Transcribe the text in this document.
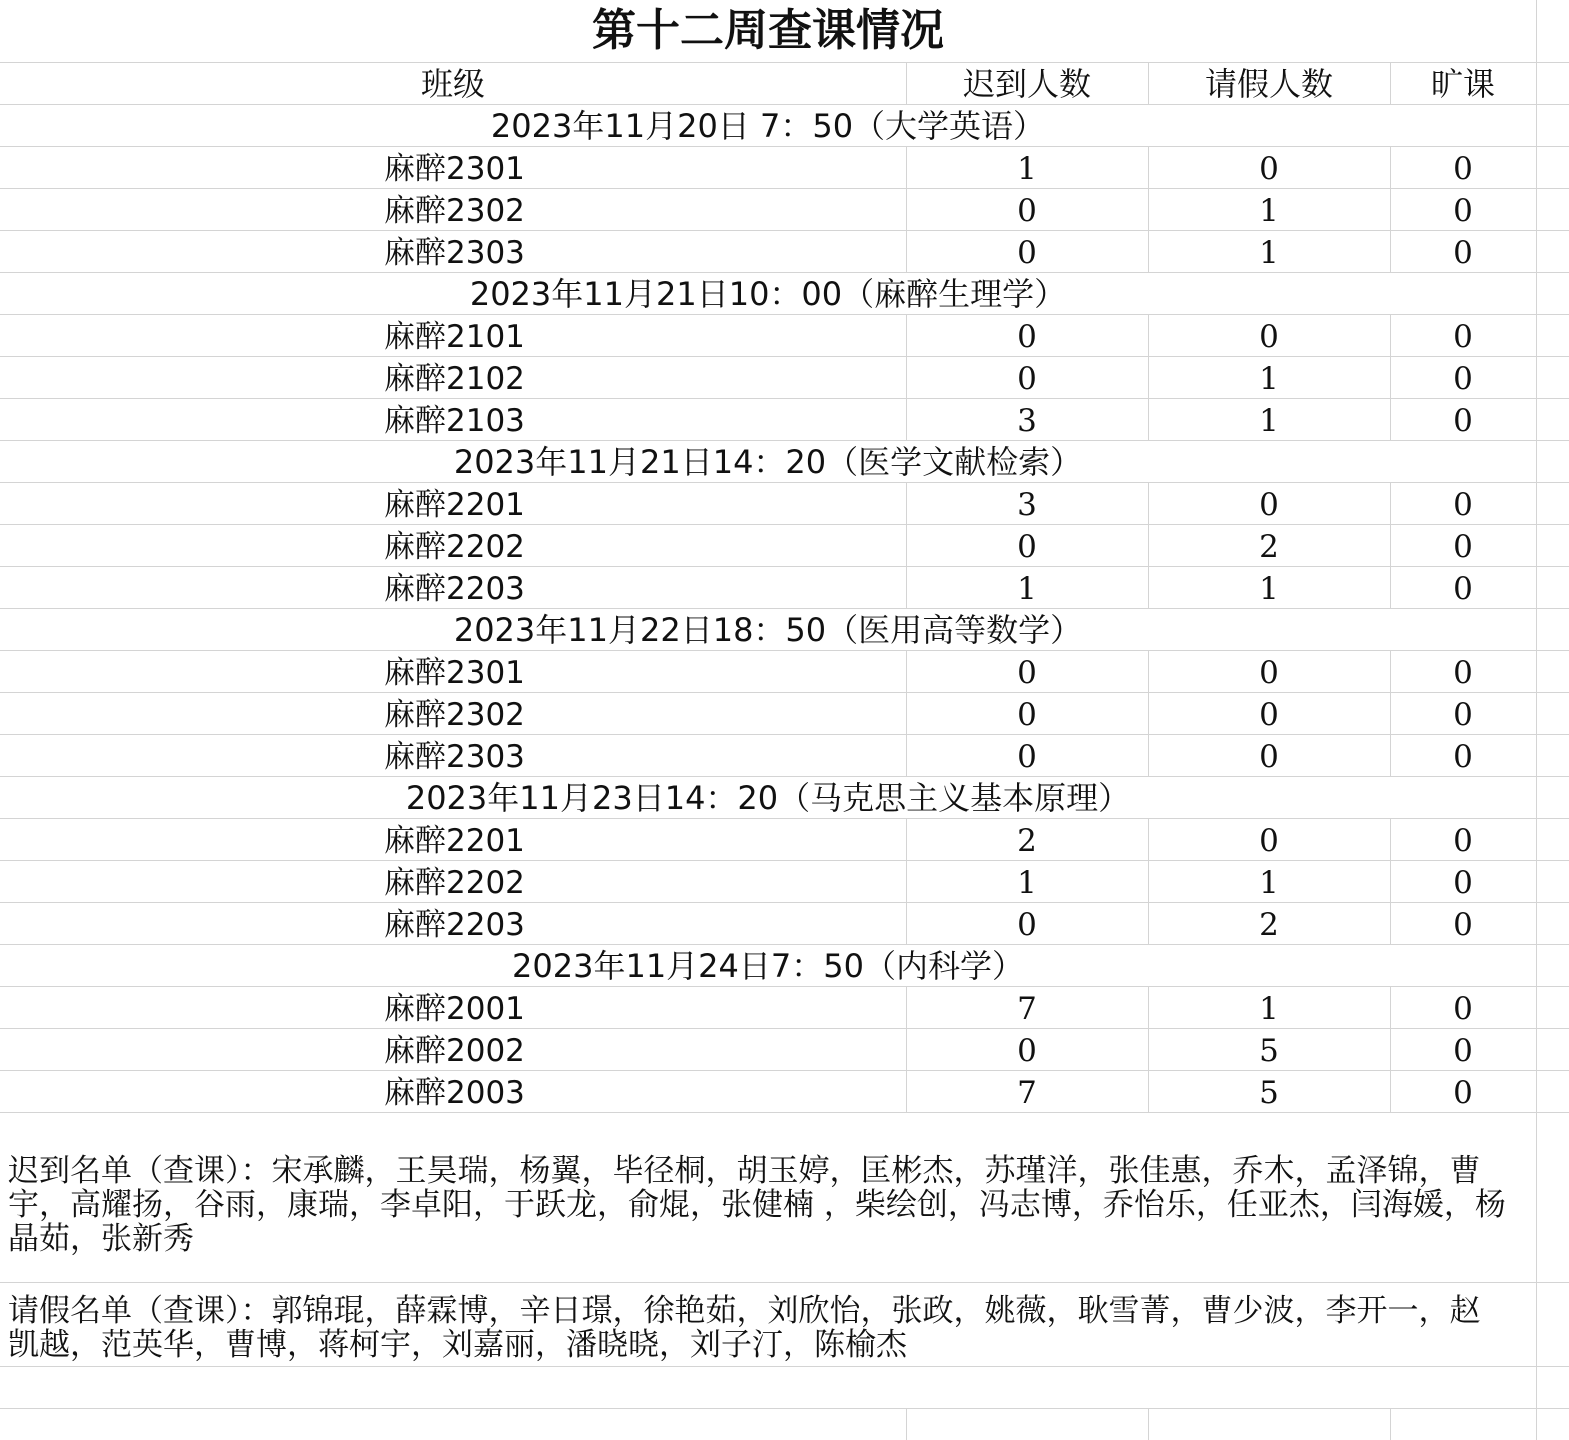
第十二周查课情况
班级	迟到人数	请假人数	旷课
2023年11月20日 7：50（大学英语）
麻醉2301	1	0	0
麻醉2302	0	1	0
麻醉2303	0	1	0
2023年11月21日10：00（麻醉生理学）
麻醉2101	0	0	0
麻醉2102	0	1	0
麻醉2103	3	1	0
2023年11月21日14：20（医学文献检索）
麻醉2201	3	0	0
麻醉2202	0	2	0
麻醉2203	1	1	0
2023年11月22日18：50（医用高等数学）
麻醉2301	0	0	0
麻醉2302	0	0	0
麻醉2303	0	0	0
2023年11月23日14：20（马克思主义基本原理）
麻醉2201	2	0	0
麻醉2202	1	1	0
麻醉2203	0	2	0
2023年11月24日7：50（内科学）
麻醉2001	7	1	0
麻醉2002	0	5	0
麻醉2003	7	5	0
迟到名单（查课）：宋承麟，王昊瑞，杨翼，毕径桐，胡玉婷，匡彬杰，苏瑾洋，张佳惠，乔木，孟泽锦，曹宇，高耀扬，谷雨，康瑞，李卓阳，于跃龙，俞焜，张健楠 ，柴绘创，冯志博，乔怡乐，任亚杰，闫海媛，杨晶茹，张新秀
请假名单（查课）：郭锦琨，薛霖博，辛日璟，徐艳茹，刘欣怡，张政，姚薇，耿雪菁，曹少波，李开一，赵凯越，范英华，曹博，蒋柯宇，刘嘉丽，潘晓晓，刘子汀，陈榆杰
